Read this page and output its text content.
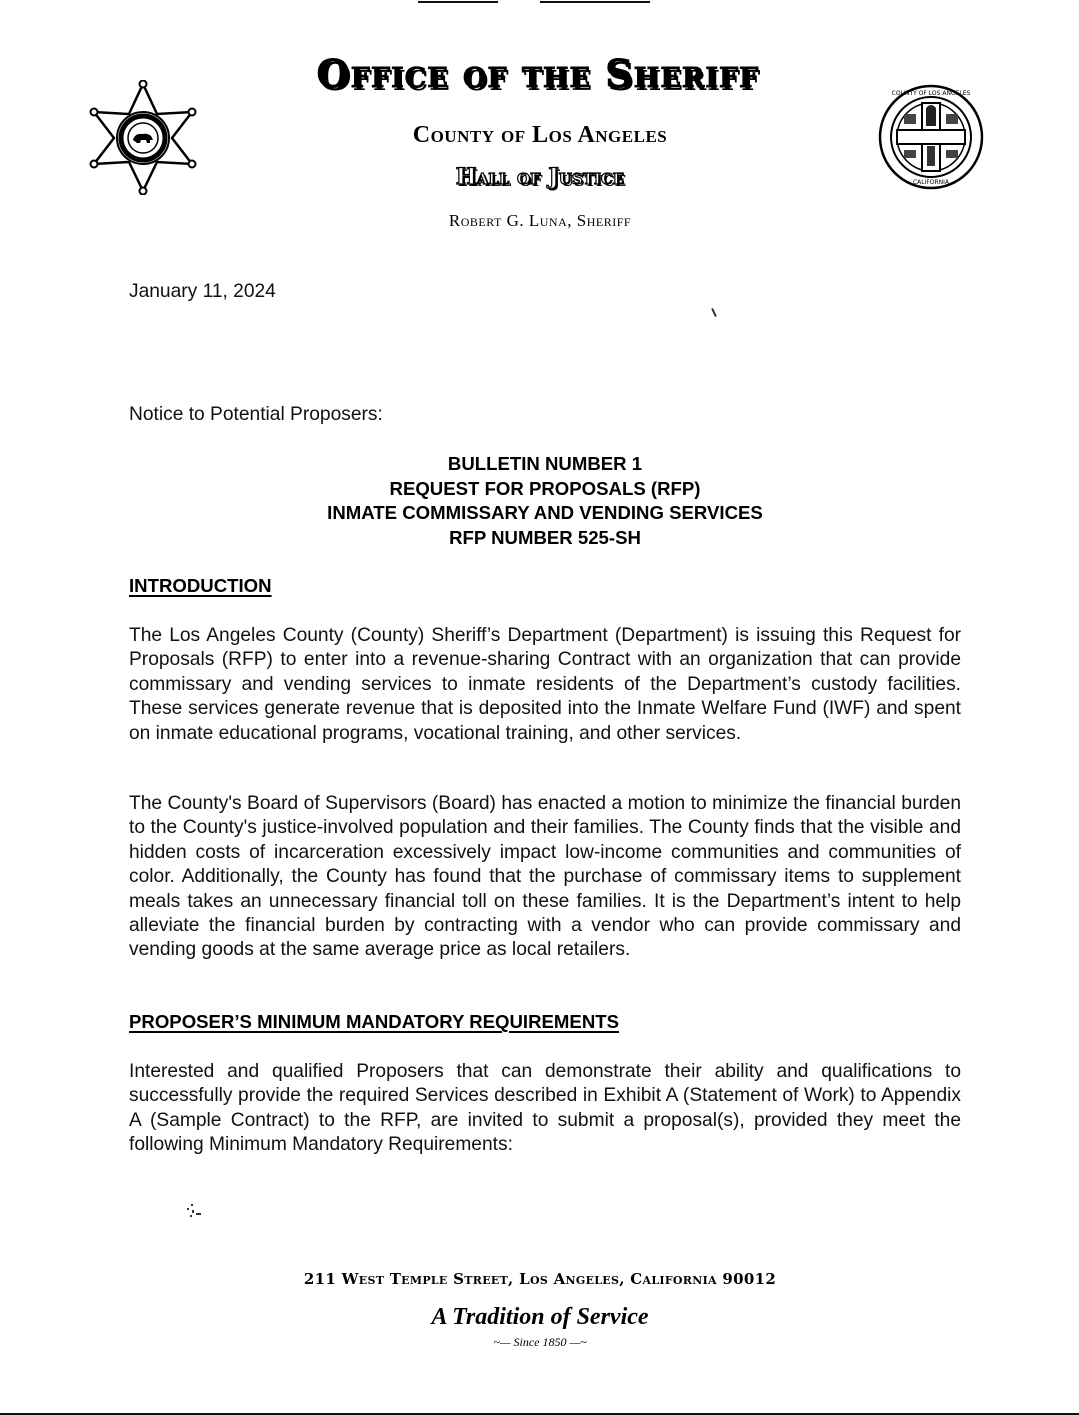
COUNTY OF LOS ANGELES
CALIFORNIA
Office of the Sheriff
County of Los Angeles
Hall of Justice
Robert G. Luna, Sheriff
January 11, 2024
Notice to Potential Proposers:
BULLETIN NUMBER 1
REQUEST FOR PROPOSALS (RFP)
INMATE COMMISSARY AND VENDING SERVICES
RFP NUMBER 525-SH
INTRODUCTION
The Los Angeles County (County) Sheriff’s Department (Department) is issuing this Request for Proposals (RFP) to enter into a revenue-sharing Contract with an organization that can provide commissary and vending services to inmate residents of the Department’s custody facilities. These services generate revenue that is deposited into the Inmate Welfare Fund (IWF) and spent on inmate educational programs, vocational training, and other services.
The County's Board of Supervisors (Board) has enacted a motion to minimize the financial burden to the County's justice-involved population and their families. The County finds that the visible and hidden costs of incarceration excessively impact low-income communities and communities of color. Additionally, the County has found that the purchase of commissary items to supplement meals takes an unnecessary financial toll on these families. It is the Department’s intent to help alleviate the financial burden by contracting with a vendor who can provide commissary and vending goods at the same average price as local retailers.
PROPOSER’S MINIMUM MANDATORY REQUIREMENTS
Interested and qualified Proposers that can demonstrate their ability and qualifications to successfully provide the required Services described in Exhibit A (Statement of Work) to Appendix A (Sample Contract) to the RFP, are invited to submit a proposal(s), provided they meet the following Minimum Mandatory Requirements:
211 West Temple Street, Los Angeles, California 90012
A Tradition of Service
~— Since 1850 —~
